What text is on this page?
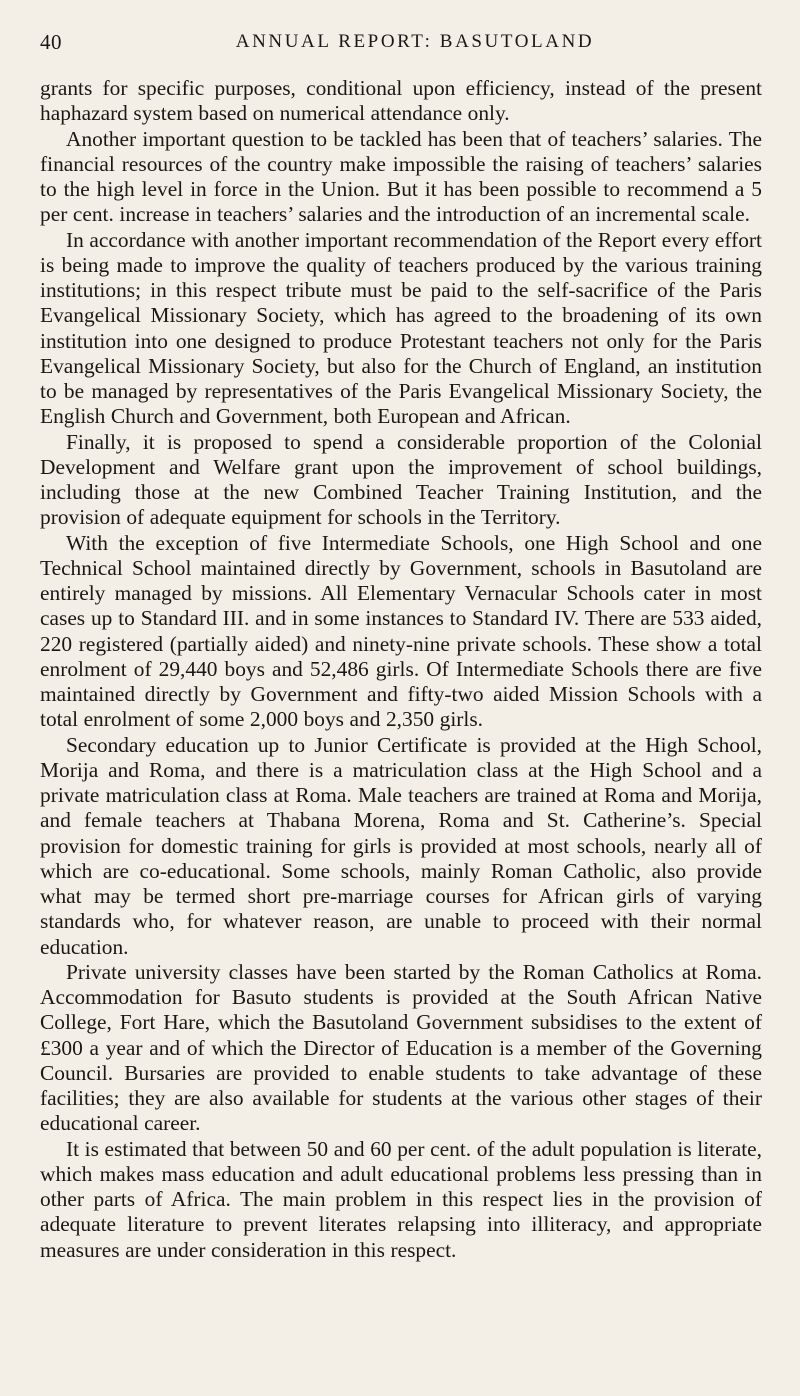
40	ANNUAL REPORT: BASUTOLAND

grants for specific purposes, conditional upon efficiency, instead of the present haphazard system based on numerical attendance only.

Another important question to be tackled has been that of teachers’ salaries. The financial resources of the country make impossible the raising of teachers’ salaries to the high level in force in the Union. But it has been possible to recommend a 5 per cent. increase in teachers’ salaries and the introduction of an incremental scale.

In accordance with another important recommendation of the Report every effort is being made to improve the quality of teachers produced by the various training institutions; in this respect tribute must be paid to the self-sacrifice of the Paris Evangelical Missionary Society, which has agreed to the broadening of its own institution into one designed to produce Protestant teachers not only for the Paris Evangelical Missionary Society, but also for the Church of England, an institution to be managed by representatives of the Paris Evangelical Missionary Society, the English Church and Government, both European and African.

Finally, it is proposed to spend a considerable proportion of the Colonial Development and Welfare grant upon the improvement of school buildings, including those at the new Combined Teacher Training Institution, and the provision of adequate equipment for schools in the Territory.

With the exception of five Intermediate Schools, one High School and one Technical School maintained directly by Government, schools in Basutoland are entirely managed by missions. All Elementary Vernacular Schools cater in most cases up to Standard III. and in some instances to Standard IV. There are 533 aided, 220 registered (partially aided) and ninety-nine private schools. These show a total enrolment of 29,440 boys and 52,486 girls. Of Intermediate Schools there are five maintained directly by Government and fifty-two aided Mission Schools with a total enrolment of some 2,000 boys and 2,350 girls.

Secondary education up to Junior Certificate is provided at the High School, Morija and Roma, and there is a matriculation class at the High School and a private matriculation class at Roma. Male teachers are trained at Roma and Morija, and female teachers at Thabana Morena, Roma and St. Catherine’s. Special provision for domestic training for girls is provided at most schools, nearly all of which are co-educational. Some schools, mainly Roman Catholic, also provide what may be termed short pre-marriage courses for African girls of varying standards who, for whatever reason, are unable to proceed with their normal education.

Private university classes have been started by the Roman Catholics at Roma. Accommodation for Basuto students is provided at the South African Native College, Fort Hare, which the Basutoland Government subsidises to the extent of £300 a year and of which the Director of Education is a member of the Governing Council. Bursaries are provided to enable students to take advantage of these facilities; they are also available for students at the various other stages of their educational career.

It is estimated that between 50 and 60 per cent. of the adult population is literate, which makes mass education and adult educational problems less pressing than in other parts of Africa. The main problem in this respect lies in the provision of adequate literature to prevent literates relapsing into illiteracy, and appropriate measures are under consideration in this respect.
